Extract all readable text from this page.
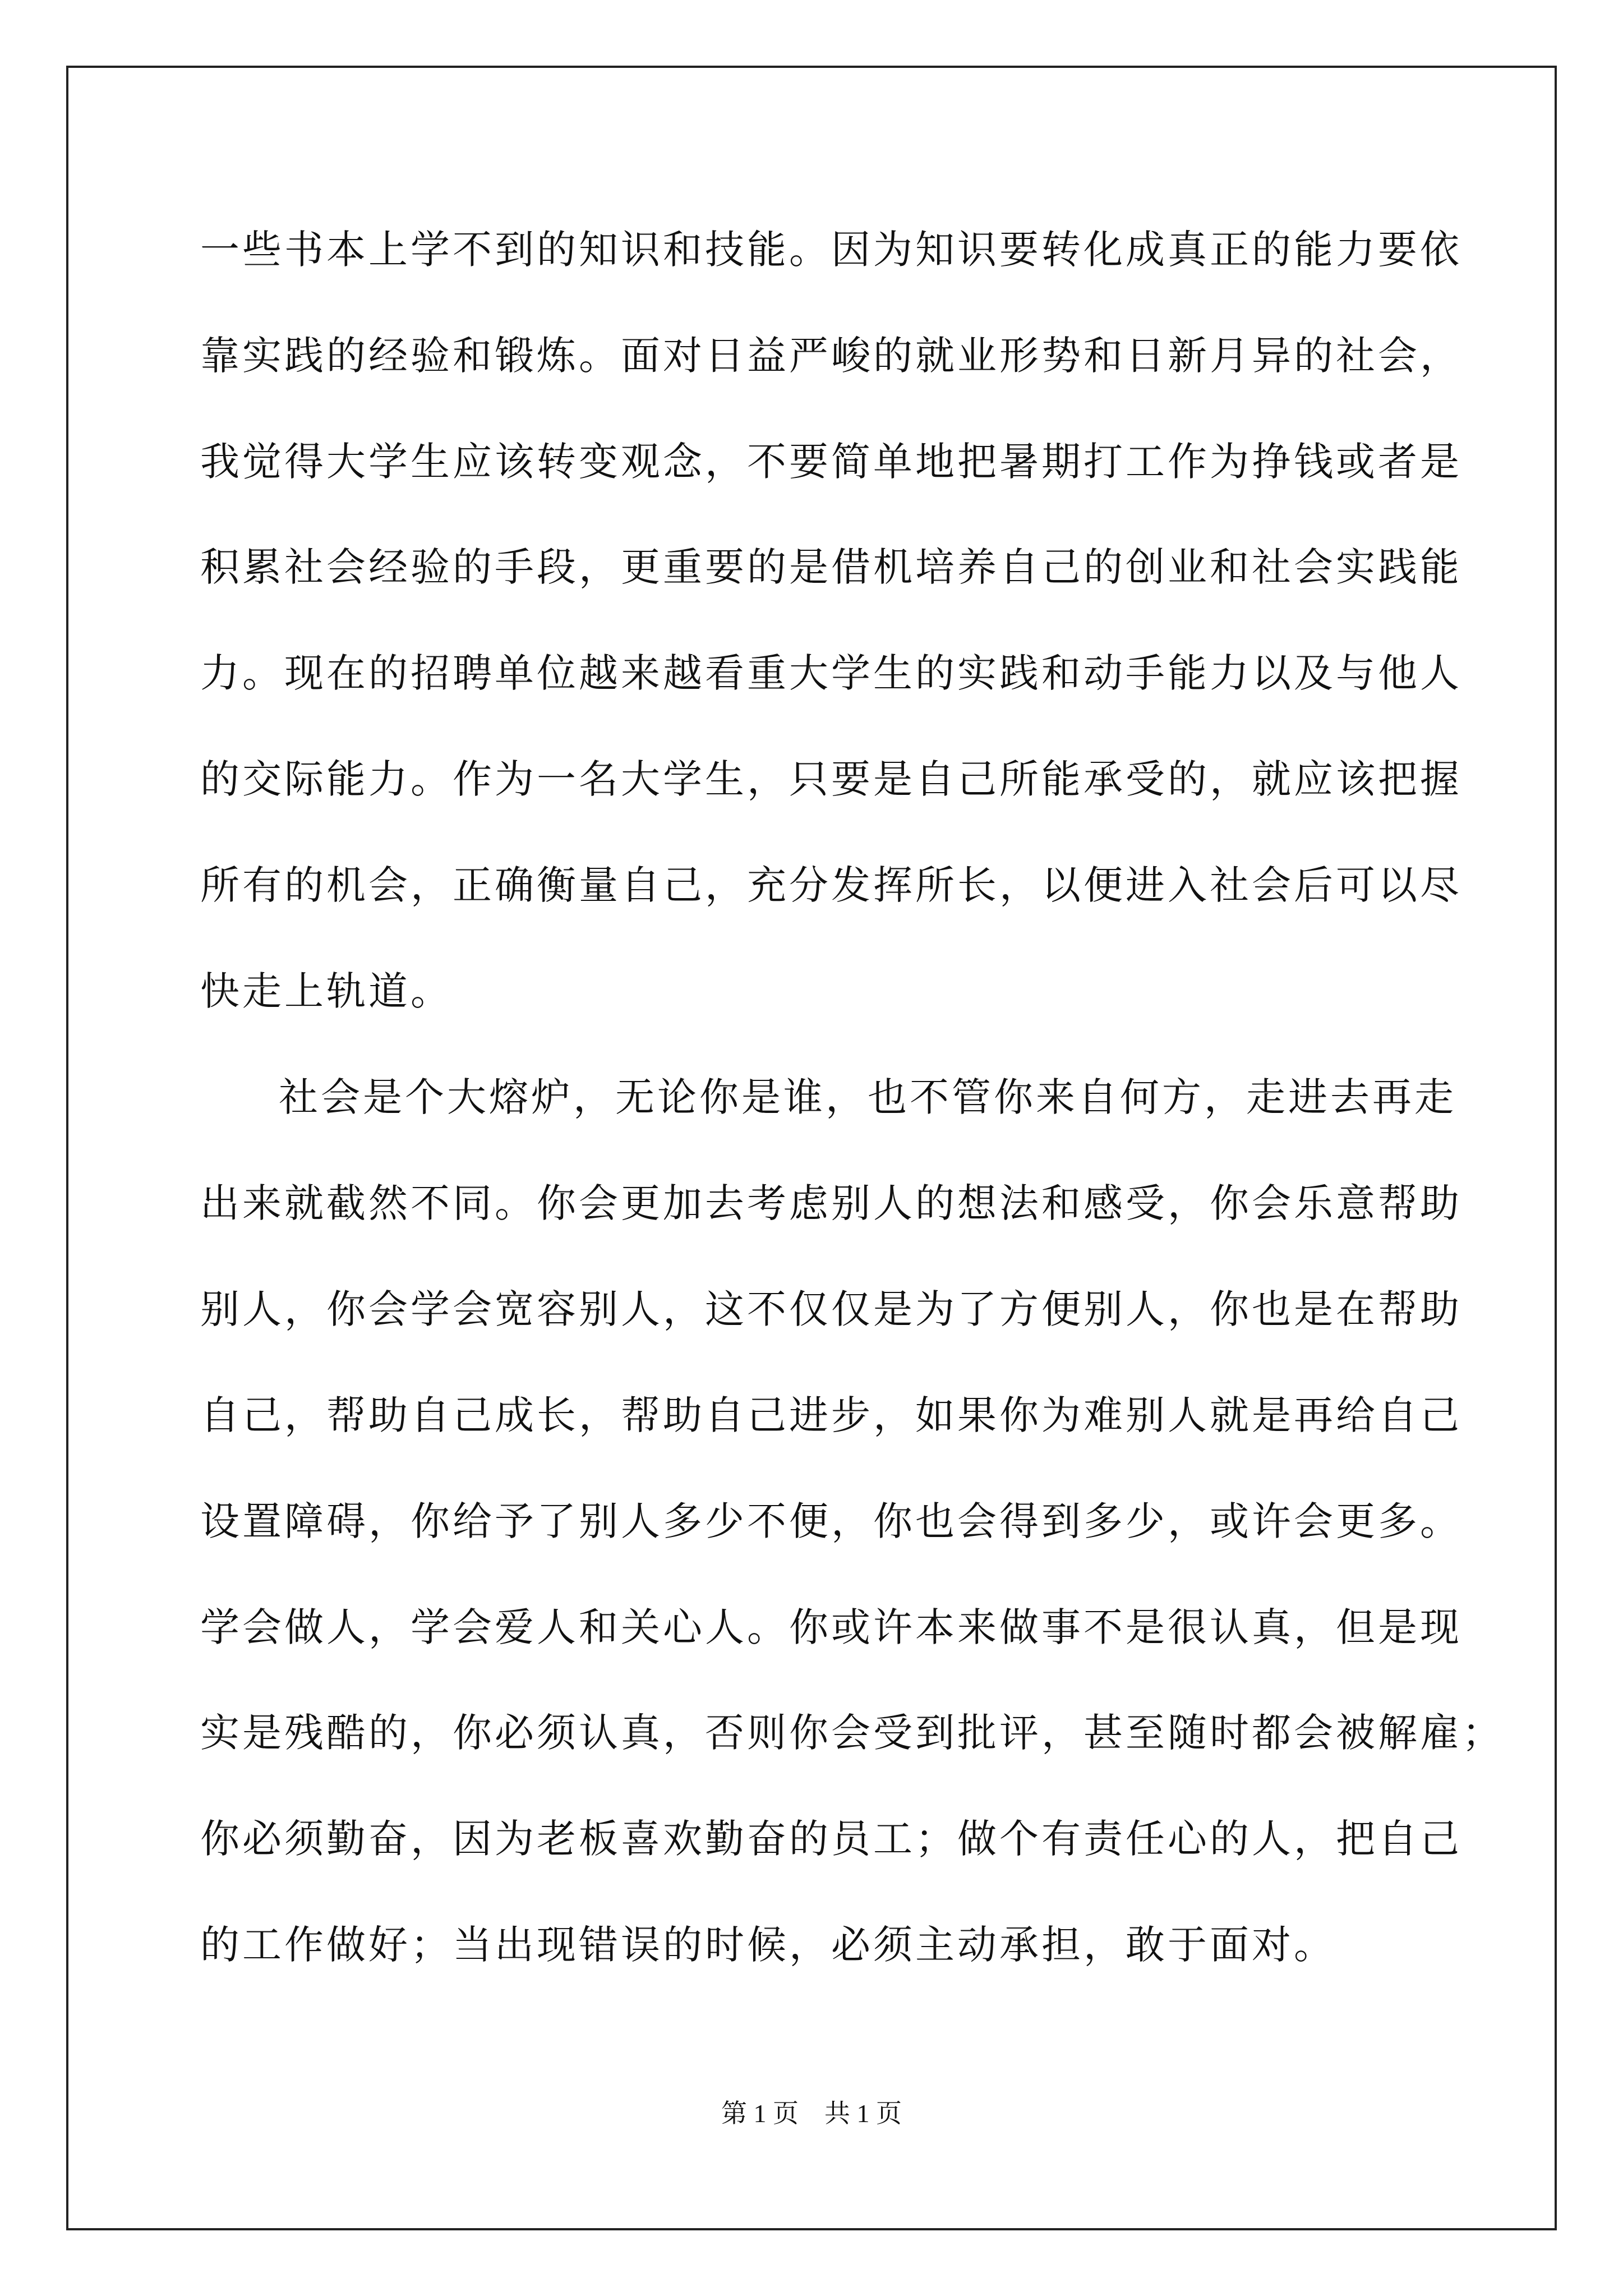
一些书本上学不到的知识和技能。因为知识要转化成真正的能力要依
靠实践的经验和锻炼。面对日益严峻的就业形势和日新月异的社会，
我觉得大学生应该转变观念，不要简单地把暑期打工作为挣钱或者是
积累社会经验的手段，更重要的是借机培养自己的创业和社会实践能
力。现在的招聘单位越来越看重大学生的实践和动手能力以及与他人
的交际能力。作为一名大学生，只要是自己所能承受的，就应该把握
所有的机会，正确衡量自己，充分发挥所长，以便进入社会后可以尽
快走上轨道。
社会是个大熔炉，无论你是谁，也不管你来自何方，走进去再走
出来就截然不同。你会更加去考虑别人的想法和感受，你会乐意帮助
别人，你会学会宽容别人，这不仅仅是为了方便别人，你也是在帮助
自己，帮助自己成长，帮助自己进步，如果你为难别人就是再给自己
设置障碍，你给予了别人多少不便，你也会得到多少，或许会更多。
学会做人，学会爱人和关心人。你或许本来做事不是很认真，但是现
实是残酷的，你必须认真，否则你会受到批评，甚至随时都会被解雇；
你必须勤奋，因为老板喜欢勤奋的员工；做个有责任心的人，把自己
的工作做好；当出现错误的时候，必须主动承担，敢于面对。
第 1 页　共 1 页
